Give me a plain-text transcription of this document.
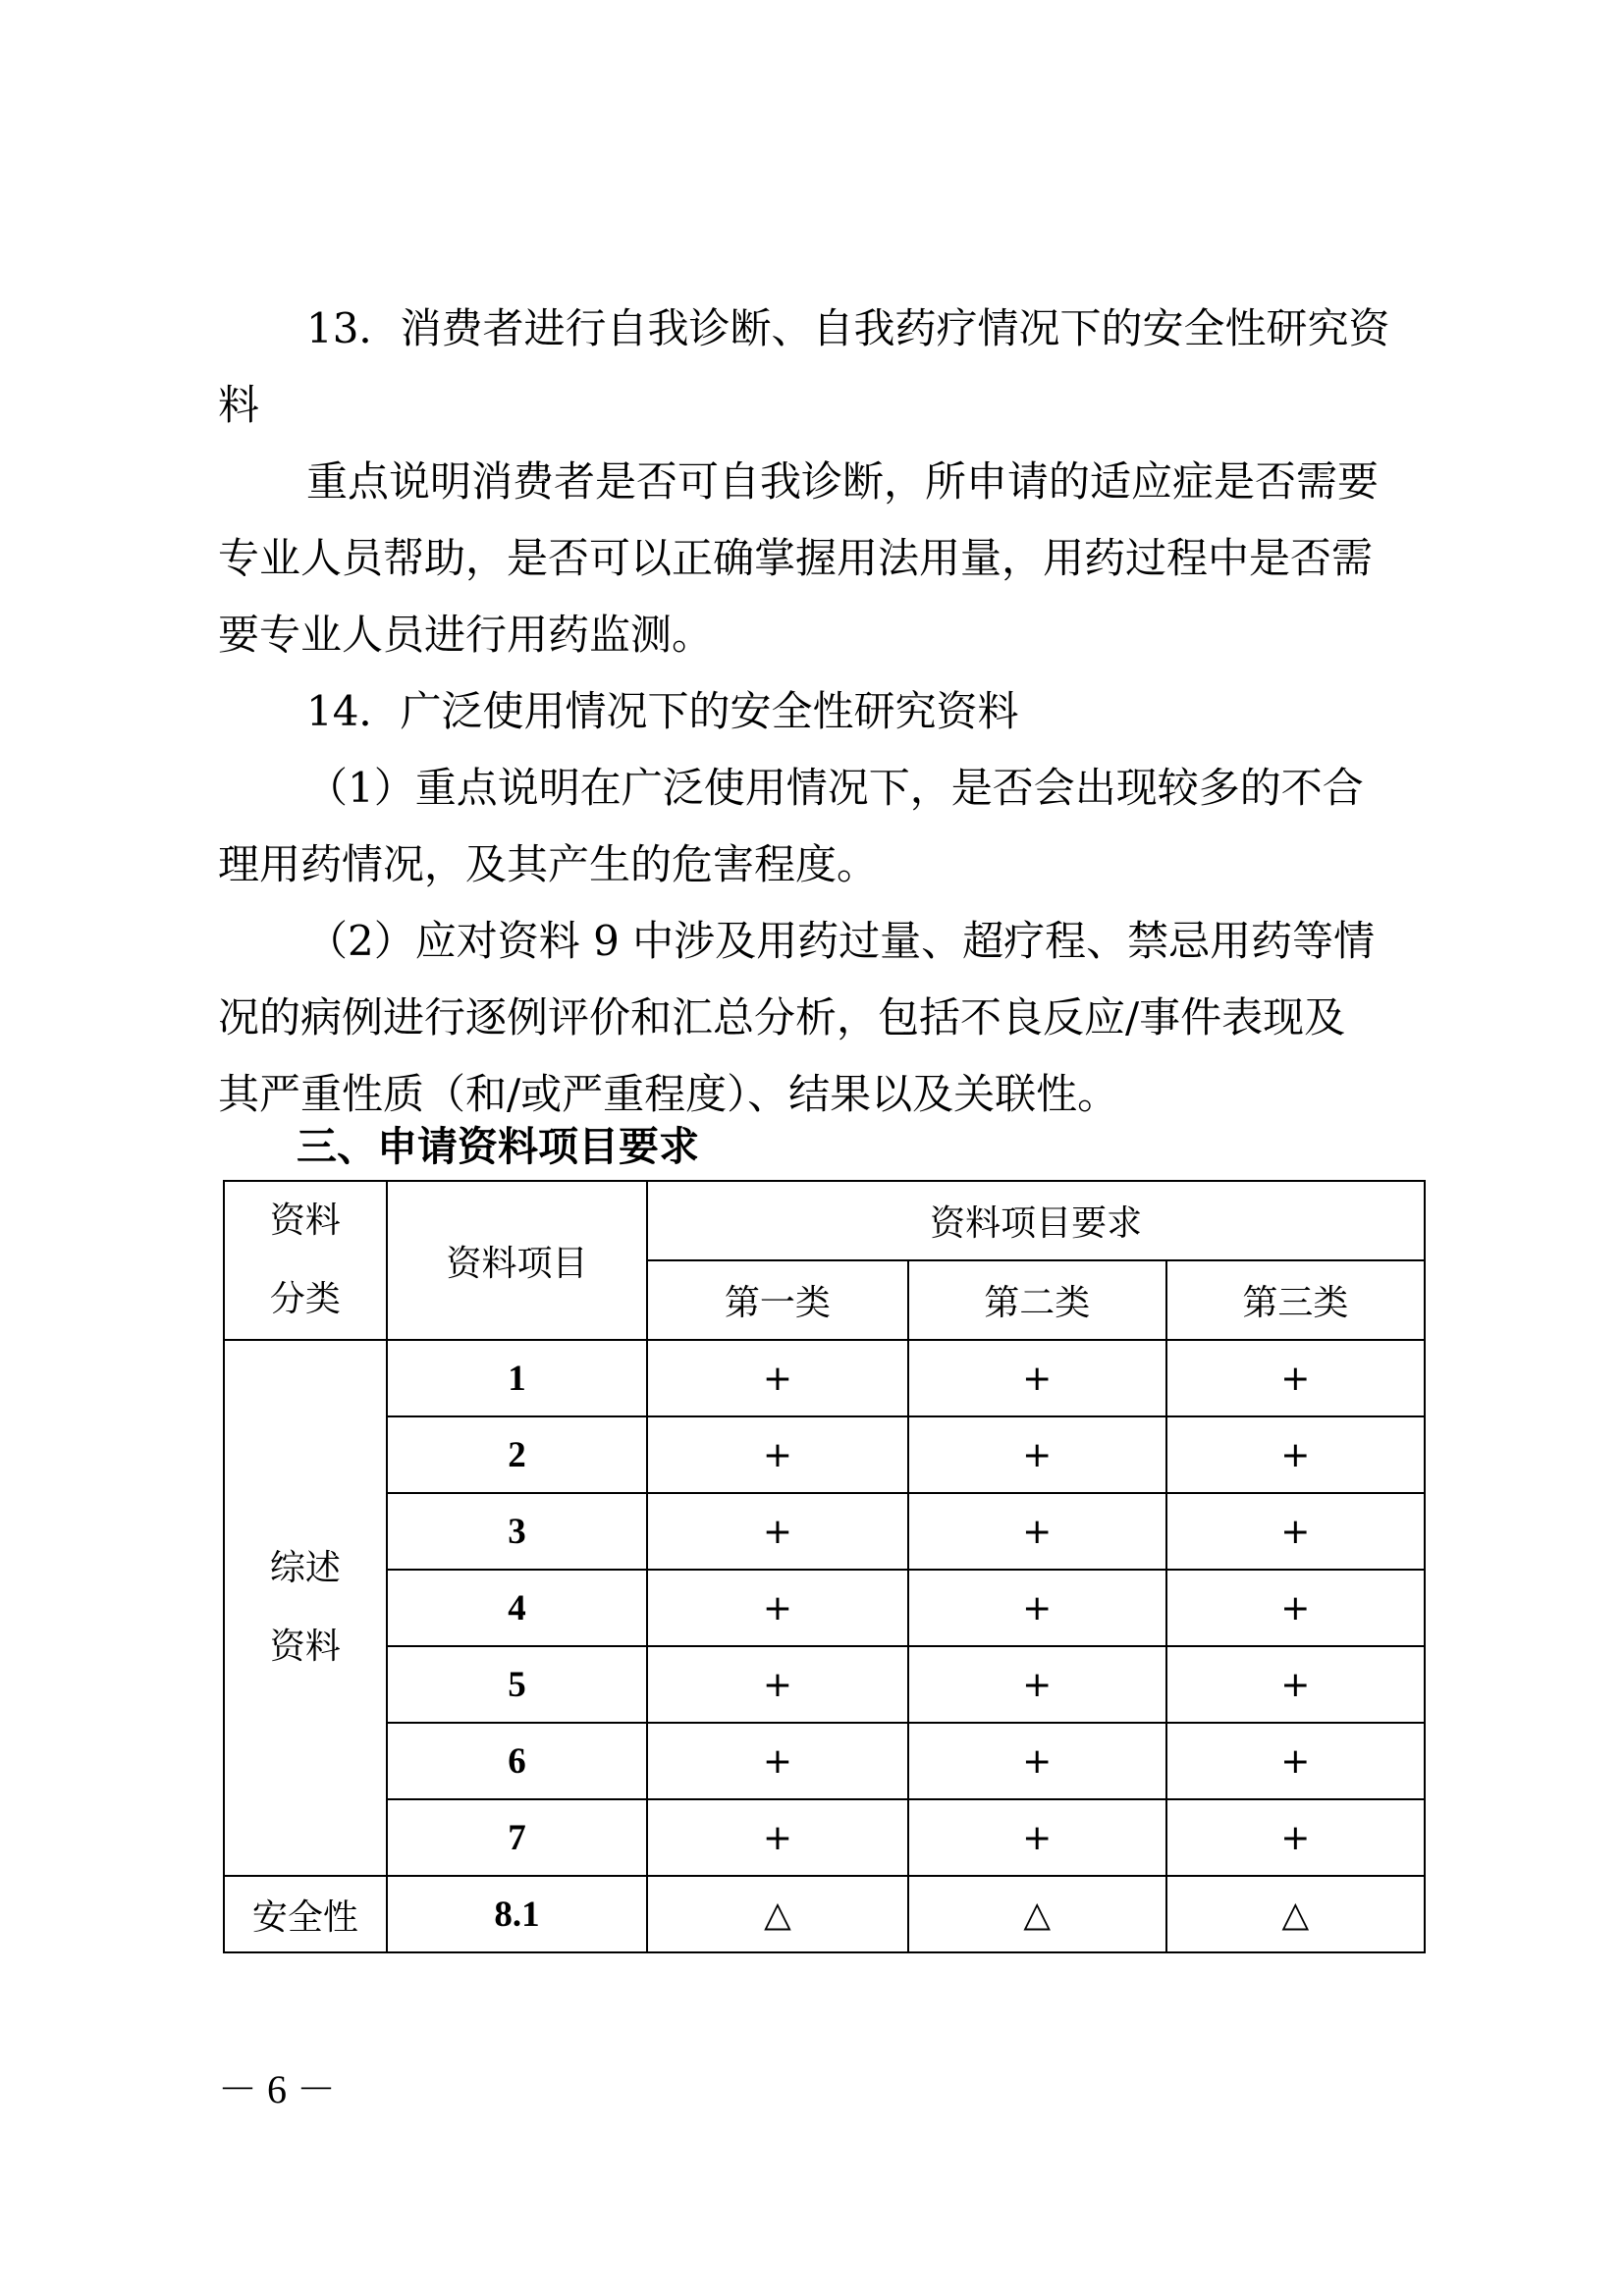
13．消费者进行自我诊断、自我药疗情况下的安全性研究资
料
重点说明消费者是否可自我诊断，所申请的适应症是否需要
专业人员帮助，是否可以正确掌握用法用量，用药过程中是否需
要专业人员进行用药监测。
14．广泛使用情况下的安全性研究资料
（1）重点说明在广泛使用情况下，是否会出现较多的不合
理用药情况，及其产生的危害程度。
（2）应对资料 9 中涉及用药过量、超疗程、禁忌用药等情
况的病例进行逐例评价和汇总分析，包括不良反应/事件表现及
其严重性质（和/或严重程度）、结果以及关联性。
三、申请资料项目要求
资料
分类	资料项目	资料项目要求		
		第一类	第二类	第三类
综述
资料	1	+	+	+
	2	+	+	+
	3	+	+	+
	4	+	+	+
	5	+	+	+
	6	+	+	+
	7	+	+	+
安全性	8.1	△	△	△
－ 6 －
